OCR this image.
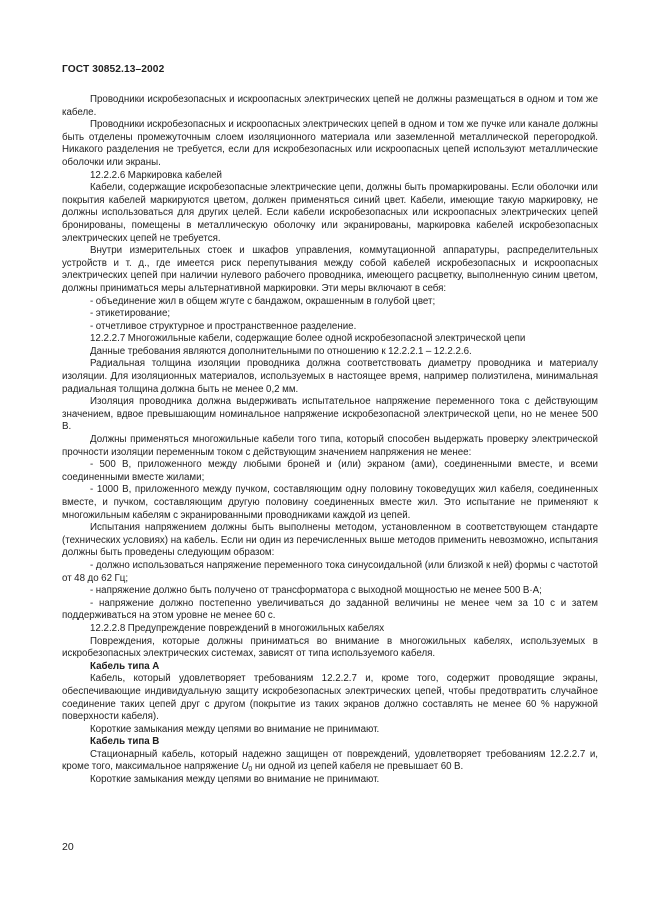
ГОСТ 30852.13–2002

Проводники искробезопасных и искроопасных электрических цепей не должны размещаться в одном и том же кабеле.

Проводники искробезопасных и искроопасных электрических цепей в одном и том же пучке или канале должны быть отделены промежуточным слоем изоляционного материала или заземленной металлической перегородкой. Никакого разделения не требуется, если для искробезопасных или искроопасных цепей используют металлические оболочки или экраны.

12.2.2.6 Маркировка кабелей

Кабели, содержащие искробезопасные электрические цепи, должны быть промаркированы. Если оболочки или покрытия кабелей маркируются цветом, должен применяться синий цвет. Кабели, имеющие такую маркировку, не должны использоваться для других целей. Если кабели искробезопасных или искроопасных электрических цепей бронированы, помещены в металлическую оболочку или экранированы, маркировка кабелей искробезопасных электрических цепей не требуется.

Внутри измерительных стоек и шкафов управления, коммутационной аппаратуры, распределительных устройств и т. д., где имеется риск перепутывания между собой кабелей искробезопасных и искроопасных электрических цепей при наличии нулевого рабочего проводника, имеющего расцветку, выполненную синим цветом, должны приниматься меры альтернативной маркировки. Эти меры включают в себя:

- объединение жил в общем жгуте с бандажом, окрашенным в голубой цвет;

- этикетирование;

- отчетливое структурное и пространственное разделение.

12.2.2.7 Многожильные кабели, содержащие более одной искробезопасной электрической цепи

Данные требования являются дополнительными по отношению к 12.2.2.1 – 12.2.2.6.

Радиальная толщина изоляции проводника должна соответствовать диаметру проводника и материалу изоляции. Для изоляционных материалов, используемых в настоящее время, например полиэтилена, минимальная радиальная толщина должна быть не менее 0,2 мм.

Изоляция проводника должна выдерживать испытательное напряжение переменного тока с действующим значением, вдвое превышающим номинальное напряжение искробезопасной электрической цепи, но не менее 500 В.

Должны применяться многожильные кабели того типа, который способен выдержать проверку электрической прочности изоляции переменным током с действующим значением напряжения не менее:

- 500 В, приложенного между любыми броней и (или) экраном (ами), соединенными вместе, и всеми соединенными вместе жилами;

- 1000 В, приложенного между пучком, составляющим одну половину токоведущих жил кабеля, соединенных вместе, и пучком, составляющим другую половину соединенных вместе жил. Это испытание не применяют к многожильным кабелям с экранированными проводниками каждой из цепей.

Испытания напряжением должны быть выполнены методом, установленном в соответствующем стандарте (технических условиях) на кабель. Если ни один из перечисленных выше методов применить невозможно, испытания должны быть проведены следующим образом:

- должно использоваться напряжение переменного тока синусоидальной (или близкой к ней) формы с частотой от 48 до 62 Гц;

- напряжение должно быть получено от трансформатора с выходной мощностью не менее 500 В·А;

- напряжение должно постепенно увеличиваться до заданной величины не менее чем за 10 с и затем поддерживаться на этом уровне не менее 60 с.

12.2.2.8 Предупреждение повреждений в многожильных кабелях

Повреждения, которые должны приниматься во внимание в многожильных кабелях, используемых в искробезопасных электрических системах, зависят от типа используемого кабеля.

Кабель типа А

Кабель, который удовлетворяет требованиям 12.2.2.7 и, кроме того, содержит проводящие экраны, обеспечивающие индивидуальную защиту искробезопасных электрических цепей, чтобы предотвратить случайное соединение таких цепей друг с другом (покрытие из таких экранов должно составлять не менее 60 % наружной поверхности кабеля).

Короткие замыкания между цепями во внимание не принимают.

Кабель типа В

Стационарный кабель, который надежно защищен от повреждений, удовлетворяет требованиям 12.2.2.7 и, кроме того, максимальное напряжение $U_0$ ни одной из цепей кабеля не превышает 60 В.

Короткие замыкания между цепями во внимание не принимают.

20
